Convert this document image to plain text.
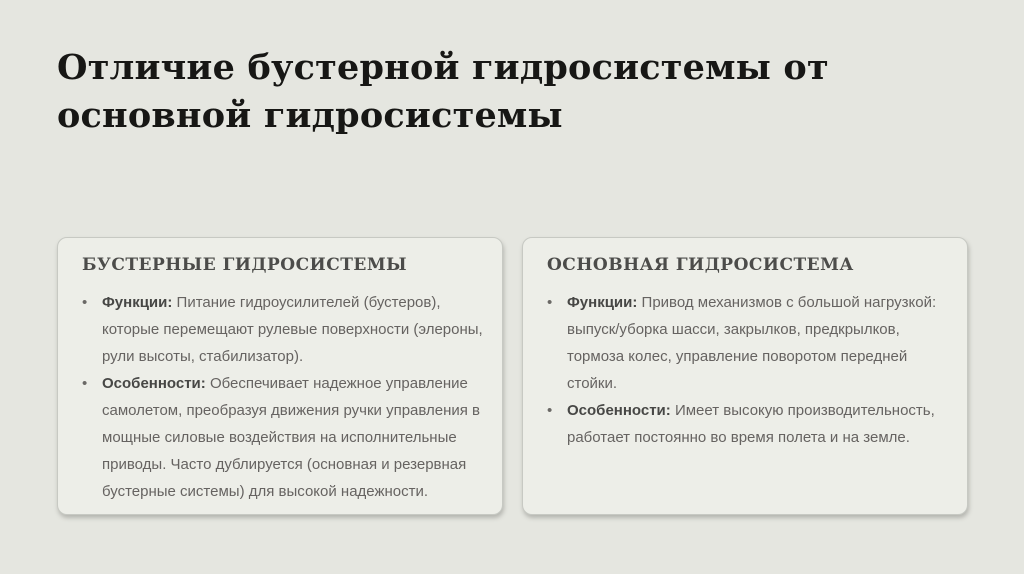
Отличие бустерной гидросистемы от основной гидросистемы
БУСТЕРНЫЕ ГИДРОСИСТЕМЫ
• Функции: Питание гидроусилителей (бустеров), которые перемещают рулевые поверхности (элероны, рули высоты, стабилизатор).
• Особенности: Обеспечивает надежное управление самолетом, преобразуя движения ручки управления в мощные силовые воздействия на исполнительные приводы. Часто дублируется (основная и резервная бустерные системы) для высокой надежности.
ОСНОВНАЯ ГИДРОСИСТЕМА
• Функции: Привод механизмов с большой нагрузкой: выпуск/уборка шасси, закрылков, предкрылков, тормоза колес, управление поворотом передней стойки.
• Особенности: Имеет высокую производительность, работает постоянно во время полета и на земле.
